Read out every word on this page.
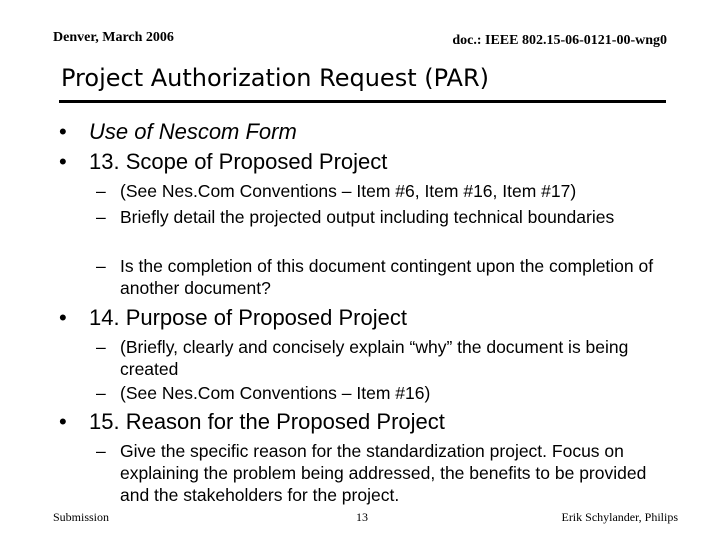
Denver, March 2006	doc.: IEEE 802.15-06-0121-00-wng0
Project Authorization Request (PAR)
• Use of Nescom Form
• 13. Scope of Proposed Project
– (See Nes.Com Conventions – Item #6, Item #16, Item #17)
– Briefly detail the projected output including technical boundaries
– Is the completion of this document contingent upon the completion of another document?
• 14. Purpose of Proposed Project
– (Briefly, clearly and concisely explain “why” the document is being created
– (See Nes.Com Conventions – Item #16)
• 15. Reason for the Proposed Project
– Give the specific reason for the standardization project. Focus on explaining the problem being addressed, the benefits to be provided and the stakeholders for the project.
Submission	13	Erik Schylander, Philips
